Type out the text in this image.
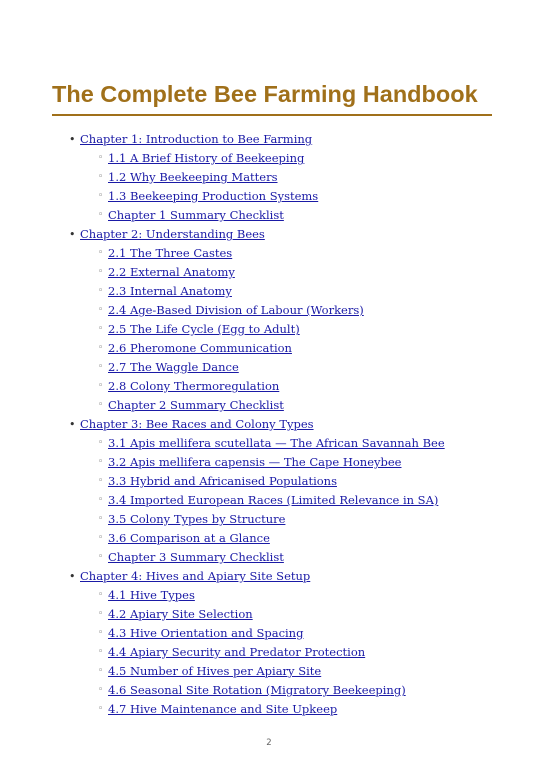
The Complete Bee Farming Handbook
• Chapter 1: Introduction to Bee Farming
◦ 1.1 A Brief History of Beekeeping
◦ 1.2 Why Beekeeping Matters
◦ 1.3 Beekeeping Production Systems
◦ Chapter 1 Summary Checklist
• Chapter 2: Understanding Bees
◦ 2.1 The Three Castes
◦ 2.2 External Anatomy
◦ 2.3 Internal Anatomy
◦ 2.4 Age-Based Division of Labour (Workers)
◦ 2.5 The Life Cycle (Egg to Adult)
◦ 2.6 Pheromone Communication
◦ 2.7 The Waggle Dance
◦ 2.8 Colony Thermoregulation
◦ Chapter 2 Summary Checklist
• Chapter 3: Bee Races and Colony Types
◦ 3.1 Apis mellifera scutellata — The African Savannah Bee
◦ 3.2 Apis mellifera capensis — The Cape Honeybee
◦ 3.3 Hybrid and Africanised Populations
◦ 3.4 Imported European Races (Limited Relevance in SA)
◦ 3.5 Colony Types by Structure
◦ 3.6 Comparison at a Glance
◦ Chapter 3 Summary Checklist
• Chapter 4: Hives and Apiary Site Setup
◦ 4.1 Hive Types
◦ 4.2 Apiary Site Selection
◦ 4.3 Hive Orientation and Spacing
◦ 4.4 Apiary Security and Predator Protection
◦ 4.5 Number of Hives per Apiary Site
◦ 4.6 Seasonal Site Rotation (Migratory Beekeeping)
◦ 4.7 Hive Maintenance and Site Upkeep
2
